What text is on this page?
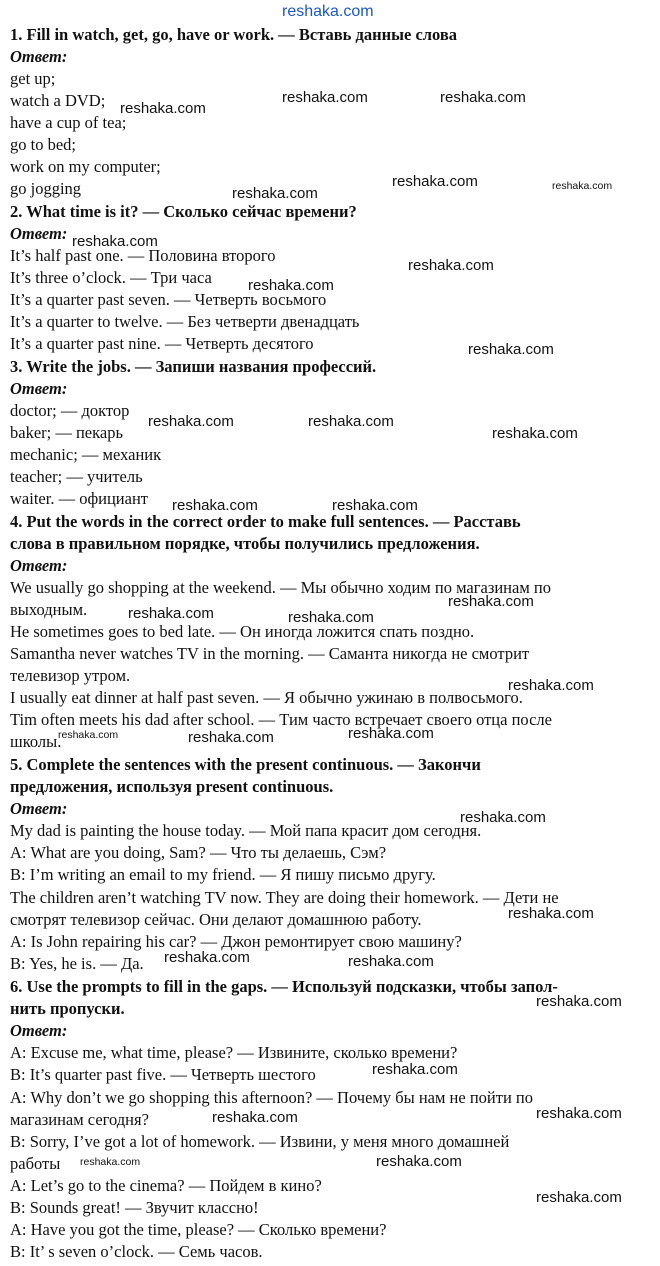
reshaka.com
reshaka.com
reshaka.com	reshaka.com
reshaka.com
reshaka.com	reshaka.com
reshaka.com
reshaka.com
reshaka.com
reshaka.com
reshaka.com	reshaka.com
reshaka.com
reshaka.com	reshaka.com
reshaka.com
reshaka.com	reshaka.com
reshaka.com
reshaka.com	reshaka.com	reshaka.com
reshaka.com
reshaka.com
reshaka.com	reshaka.com
reshaka.com
reshaka.com
reshaka.com	reshaka.com
reshaka.com	reshaka.com
reshaka.com
1. Fill in watch, get, go, have or work. — Вставь данные слова
Ответ:
get up;
watch a DVD;
have a cup of tea;
go to bed;
work on my computer;
go jogging
2. What time is it? — Сколько сейчас времени?
Ответ:
It’s half past one. — Половина второго
It’s three o’clock. — Три часа
It’s a quarter past seven. — Четверть восьмого
It’s a quarter to twelve. — Без четверти двенадцать
It’s a quarter past nine. — Четверть десятого
3. Write the jobs. — Запиши названия профессий.
Ответ:
doctor; — доктор
baker; — пекарь
mechanic; — механик
teacher; — учитель
waiter. — официант
4. Put the words in the correct order to make full sentences. — Расставь
слова в правильном порядке, чтобы получились предложения.
Ответ:
We usually go shopping at the weekend. — Мы обычно ходим по магазинам по
выходным.
He sometimes goes to bed late. — Он иногда ложится спать поздно.
Samantha never watches TV in the morning. — Саманта никогда не смотрит
телевизор утром.
I usually eat dinner at half past seven. — Я обычно ужинаю в полвосьмого.
Tim often meets his dad after school. — Тим часто встречает своего отца после
школы.
5. Complete the sentences with the present continuous. — Закончи
предложения, используя present continuous.
Ответ:
My dad is painting the house today. — Мой папа красит дом сегодня.
A: What are you doing, Sam? — Что ты делаешь, Сэм?
B: I’m writing an email to my friend. — Я пишу письмо другу.
The children aren’t watching TV now. They are doing their homework. — Дети не
смотрят телевизор сейчас. Они делают домашнюю работу.
A: Is John repairing his car? — Джон ремонтирует свою машину?
B: Yes, he is. — Да.
6. Use the prompts to fill in the gaps. — Используй подсказки, чтобы запол-
нить пропуски.
Ответ:
A: Excuse me, what time, please? — Извините, сколько времени?
B: It’s quarter past five. — Четверть шестого
A: Why don’t we go shopping this afternoon? — Почему бы нам не пойти по
магазинам сегодня?
B: Sorry, I’ve got a lot of homework. — Извини, у меня много домашней
работы
A: Let’s go to the cinema? — Пойдем в кино?
B: Sounds great! — Звучит классно!
A: Have you got the time, please? — Сколько времени?
B: It’ s seven o’clock. — Семь часов.
